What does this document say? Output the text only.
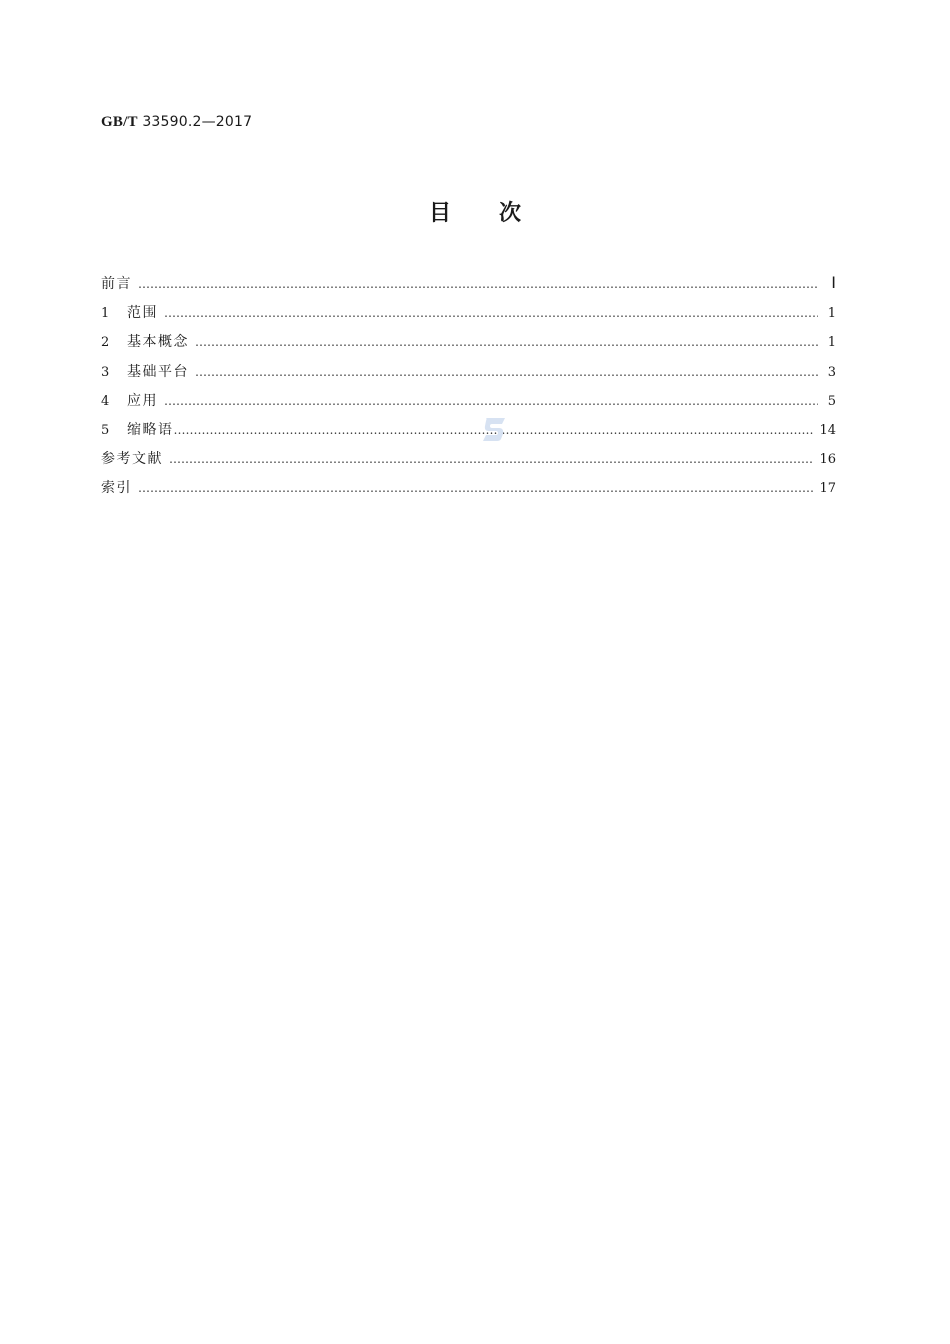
GB/T 33590.2—2017
目 次
前言 ……………………………………………………………………………………………………………………………………………………………………………………………………………………	Ⅰ
1	范围 ……………………………………………………………………………………………………………………………………………………………………………………………………………………	1
2	基本概念 ……………………………………………………………………………………………………………………………………………………………………………………………………………………	1
3	基础平台 ……………………………………………………………………………………………………………………………………………………………………………………………………………………	3
4	应用 ……………………………………………………………………………………………………………………………………………………………………………………………………………………	5
5	缩略语 ……………………………………………………………………………………………………………………………………………………………………………………………………………………	14
参考文献 ……………………………………………………………………………………………………………………………………………………………………………………………………………………	16
索引 ……………………………………………………………………………………………………………………………………………………………………………………………………………………	17
